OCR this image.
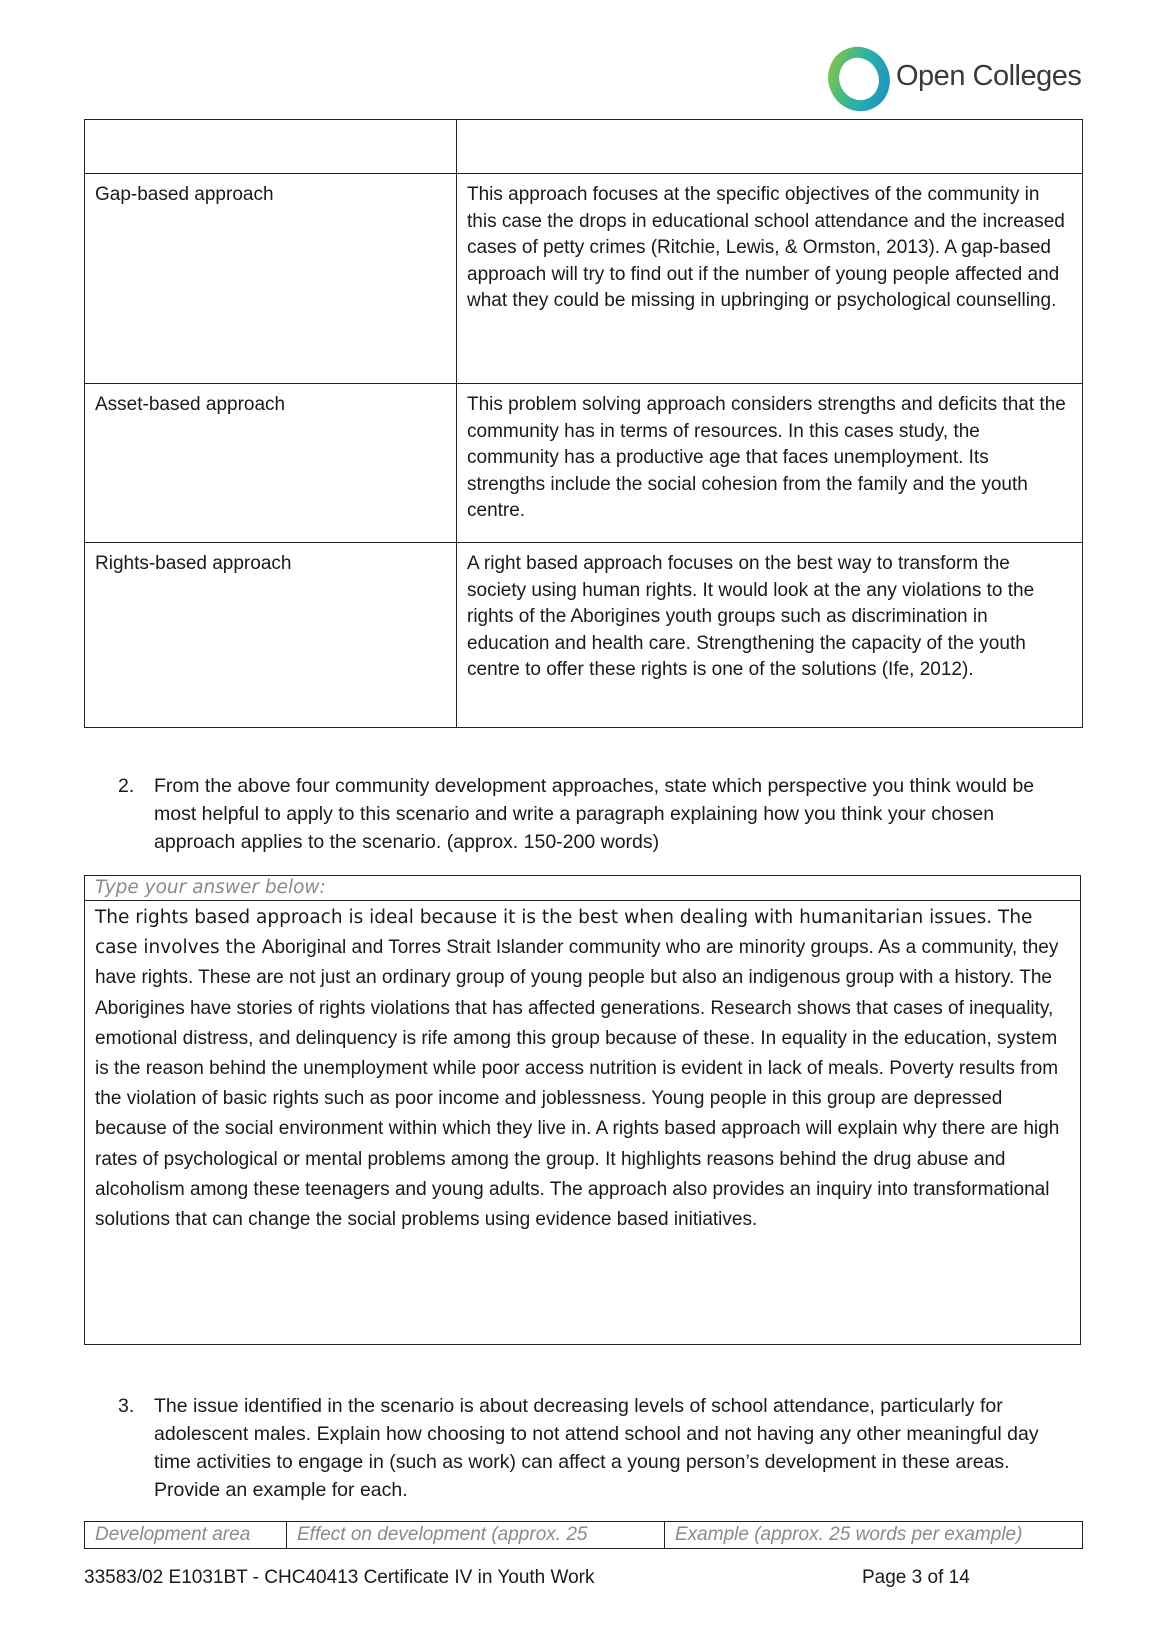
Open Colleges

Gap-based approach	This approach focuses at the specific objectives of the community in this case the drops in educational school attendance and the increased cases of petty crimes (Ritchie, Lewis, & Ormston, 2013). A gap-based approach will try to find out if the number of young people affected and what they could be missing in upbringing or psychological counselling.
Asset-based approach	This problem solving approach considers strengths and deficits that the community has in terms of resources. In this cases study, the community has a productive age that faces unemployment. Its strengths include the social cohesion from the family and the youth centre.
Rights-based approach	A right based approach focuses on the best way to transform the society using human rights. It would look at the any violations to the rights of the Aborigines youth groups such as discrimination in education and health care. Strengthening the capacity of the youth centre to offer these rights is one of the solutions (Ife, 2012).
2. From the above four community development approaches, state which perspective you think would be most helpful to apply to this scenario and write a paragraph explaining how you think your chosen approach applies to the scenario. (approx. 150-200 words)
Type your answer below:
The rights based approach is ideal because it is the best when dealing with humanitarian issues. The case involves the Aboriginal and Torres Strait Islander community who are minority groups. As a community, they have rights. These are not just an ordinary group of young people but also an indigenous group with a history. The Aborigines have stories of rights violations that has affected generations. Research shows that cases of inequality, emotional distress, and delinquency is rife among this group because of these. In equality in the education, system is the reason behind the unemployment while poor access nutrition is evident in lack of meals. Poverty results from the violation of basic rights such as poor income and joblessness. Young people in this group are depressed because of the social environment within which they live in. A rights based approach will explain why there are high rates of psychological or mental problems among the group. It highlights reasons behind the drug abuse and alcoholism among these teenagers and young adults. The approach also provides an inquiry into transformational solutions that can change the social problems using evidence based initiatives.
3. The issue identified in the scenario is about decreasing levels of school attendance, particularly for adolescent males. Explain how choosing to not attend school and not having any other meaningful day time activities to engage in (such as work) can affect a young person’s development in these areas. Provide an example for each.
Development area	Effect on development (approx. 25	Example (approx. 25 words per example)
33583/02 E1031BT - CHC40413 Certificate IV in Youth Work	Page 3 of 14
